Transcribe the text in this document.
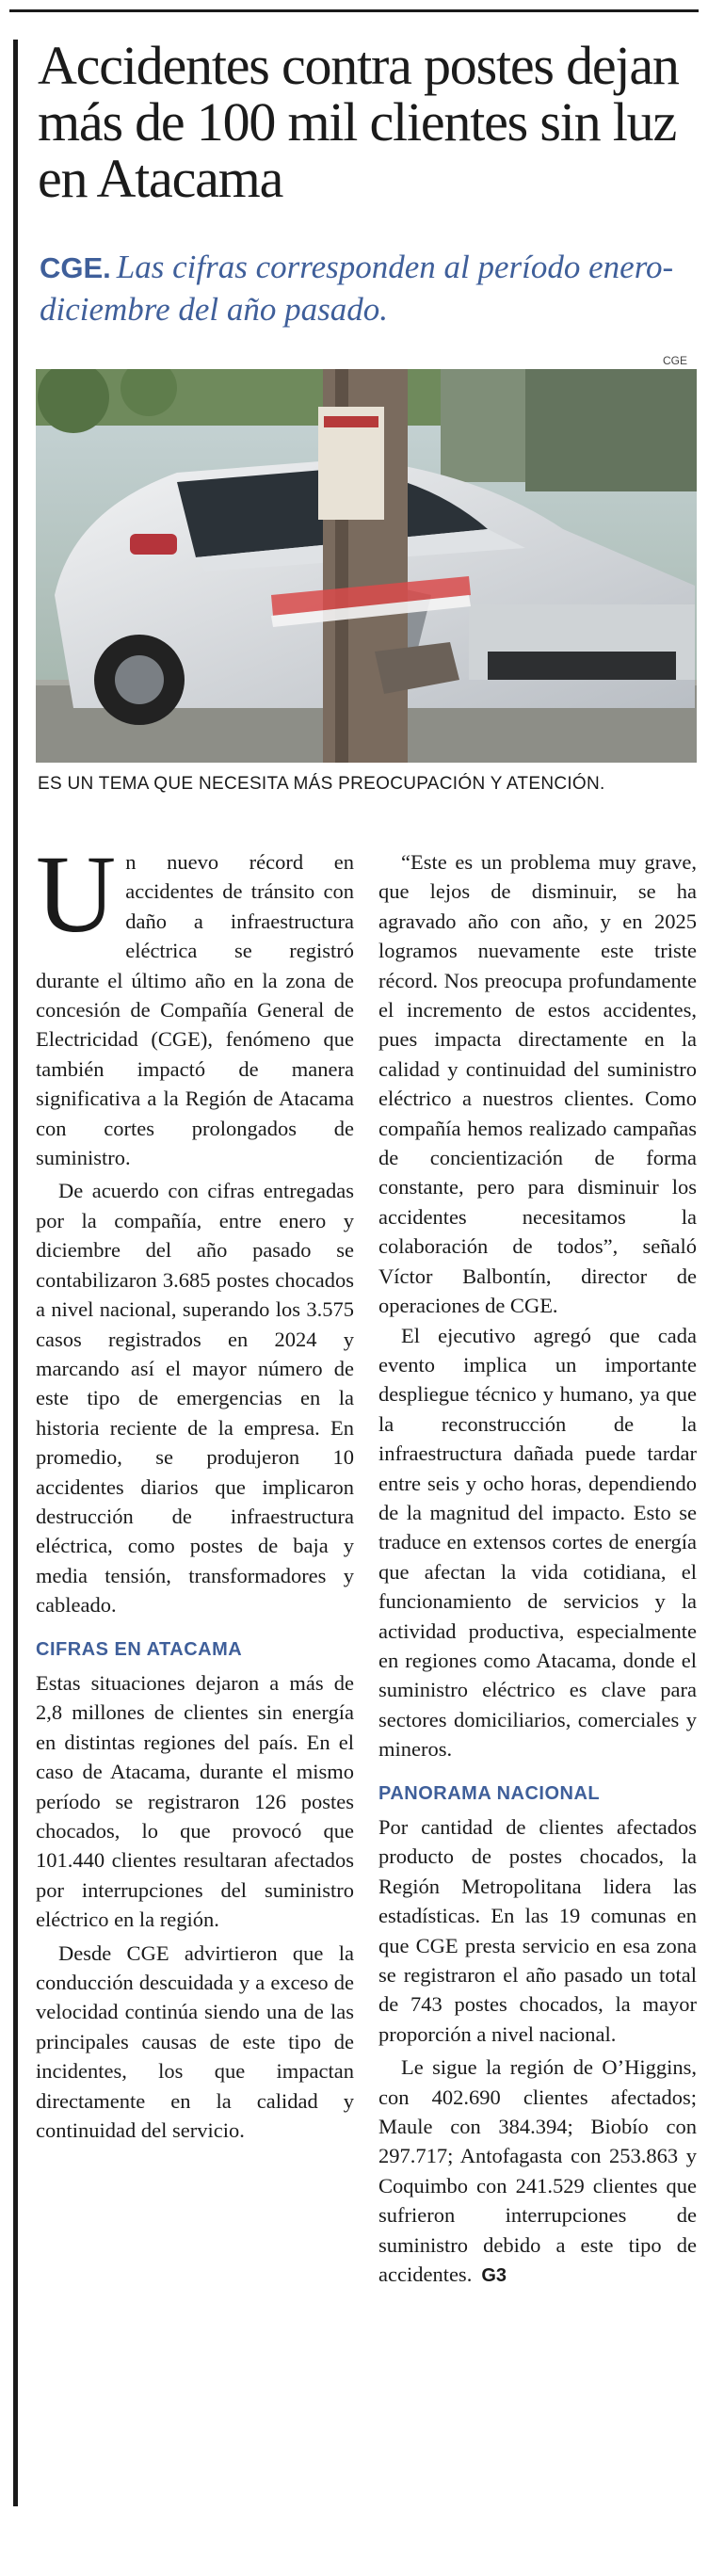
Accidentes contra postes dejan más de 100 mil clientes sin luz en Atacama
CGE. Las cifras corresponden al período enero-diciembre del año pasado.
CGE
ES UN TEMA QUE NECESITA MÁS PREOCUPACIÓN Y ATENCIÓN.

Un nuevo récord en accidentes de tránsito con daño a infraestructura eléctrica se registró durante el último año en la zona de concesión de Compañía General de Electricidad (CGE), fenómeno que también impactó de manera significativa a la Región de Atacama con cortes prolongados de suministro.

De acuerdo con cifras entregadas por la compañía, entre enero y diciembre del año pasado se contabilizaron 3.685 postes chocados a nivel nacional, superando los 3.575 casos registrados en 2024 y marcando así el mayor número de este tipo de emergencias en la historia reciente de la empresa. En promedio, se produjeron 10 accidentes diarios que implicaron destrucción de infraestructura eléctrica, como postes de baja y media tensión, transformadores y cableado.

CIFRAS EN ATACAMA

Estas situaciones dejaron a más de 2,8 millones de clientes sin energía en distintas regiones del país. En el caso de Atacama, durante el mismo período se registraron 126 postes chocados, lo que provocó que 101.440 clientes resultaran afectados por interrupciones del suministro eléctrico en la región.

Desde CGE advirtieron que la conducción descuidada y a exceso de velocidad continúa siendo una de las principales causas de este tipo de incidentes, los que impactan directamente en la calidad y continuidad del servicio.

“Este es un problema muy grave, que lejos de disminuir, se ha agravado año con año, y en 2025 logramos nuevamente este triste récord. Nos preocupa profundamente el incremento de estos accidentes, pues impacta directamente en la calidad y continuidad del suministro eléctrico a nuestros clientes. Como compañía hemos realizado campañas de concientización de forma constante, pero para disminuir los accidentes necesitamos la colaboración de todos”, señaló Víctor Balbontín, director de operaciones de CGE.

El ejecutivo agregó que cada evento implica un importante despliegue técnico y humano, ya que la reconstrucción de la infraestructura dañada puede tardar entre seis y ocho horas, dependiendo de la magnitud del impacto. Esto se traduce en extensos cortes de energía que afectan la vida cotidiana, el funcionamiento de servicios y la actividad productiva, especialmente en regiones como Atacama, donde el suministro eléctrico es clave para sectores domiciliarios, comerciales y mineros.

PANORAMA NACIONAL

Por cantidad de clientes afectados producto de postes chocados, la Región Metropolitana lidera las estadísticas. En las 19 comunas en que CGE presta servicio en esa zona se registraron el año pasado un total de 743 postes chocados, la mayor proporción a nivel nacional.

Le sigue la región de O’Higgins, con 402.690 clientes afectados; Maule con 384.394; Biobío con 297.717; Antofagasta con 253.863 y Coquimbo con 241.529 clientes que sufrieron interrupciones de suministro debido a este tipo de accidentes. G3
